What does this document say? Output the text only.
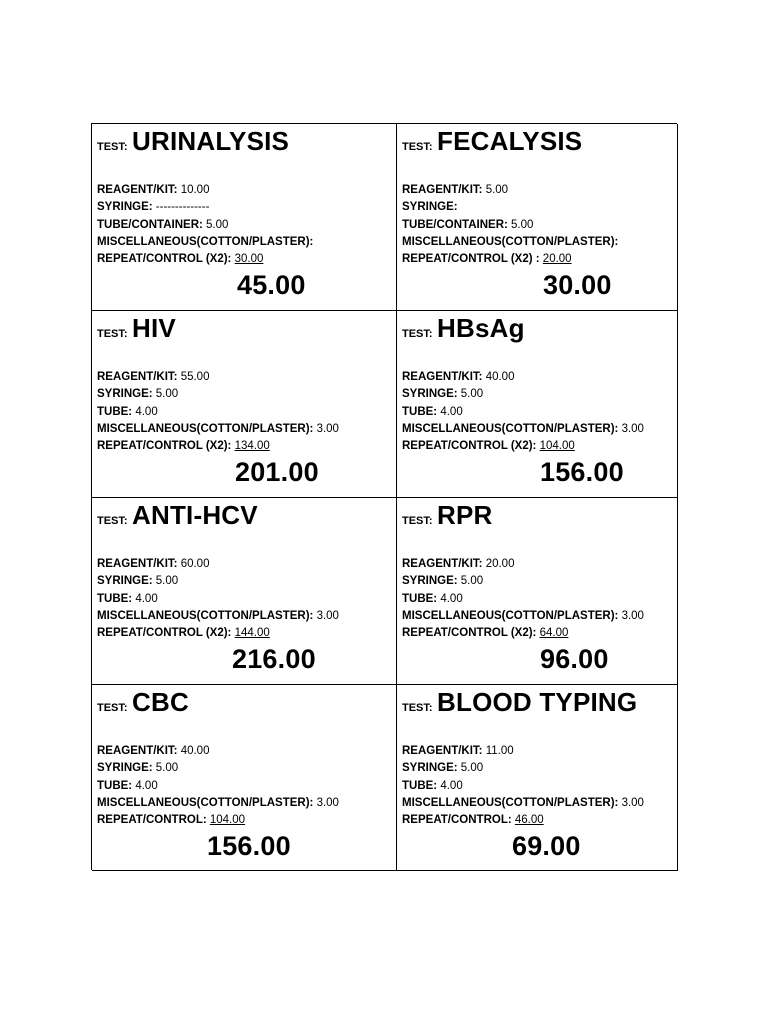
TEST: URINALYSIS
REAGENT/KIT: 10.00
SYRINGE: --------------
TUBE/CONTAINER: 5.00
MISCELLANEOUS(COTTON/PLASTER):
REPEAT/CONTROL (X2): 30.00
45.00
TEST: FECALYSIS
REAGENT/KIT: 5.00
SYRINGE:
TUBE/CONTAINER: 5.00
MISCELLANEOUS(COTTON/PLASTER):
REPEAT/CONTROL (X2) : 20.00
30.00
TEST: HIV
REAGENT/KIT: 55.00
SYRINGE: 5.00
TUBE: 4.00
MISCELLANEOUS(COTTON/PLASTER): 3.00
REPEAT/CONTROL (X2): 134.00
201.00
TEST: HBsAg
REAGENT/KIT: 40.00
SYRINGE: 5.00
TUBE: 4.00
MISCELLANEOUS(COTTON/PLASTER): 3.00
REPEAT/CONTROL (X2): 104.00
156.00
TEST: ANTI-HCV
REAGENT/KIT: 60.00
SYRINGE: 5.00
TUBE: 4.00
MISCELLANEOUS(COTTON/PLASTER): 3.00
REPEAT/CONTROL (X2): 144.00
216.00
TEST: RPR
REAGENT/KIT: 20.00
SYRINGE: 5.00
TUBE: 4.00
MISCELLANEOUS(COTTON/PLASTER): 3.00
REPEAT/CONTROL (X2): 64.00
96.00
TEST: CBC
REAGENT/KIT: 40.00
SYRINGE: 5.00
TUBE: 4.00
MISCELLANEOUS(COTTON/PLASTER): 3.00
REPEAT/CONTROL: 104.00
156.00
TEST: BLOOD TYPING
REAGENT/KIT: 11.00
SYRINGE: 5.00
TUBE: 4.00
MISCELLANEOUS(COTTON/PLASTER): 3.00
REPEAT/CONTROL: 46.00
69.00
